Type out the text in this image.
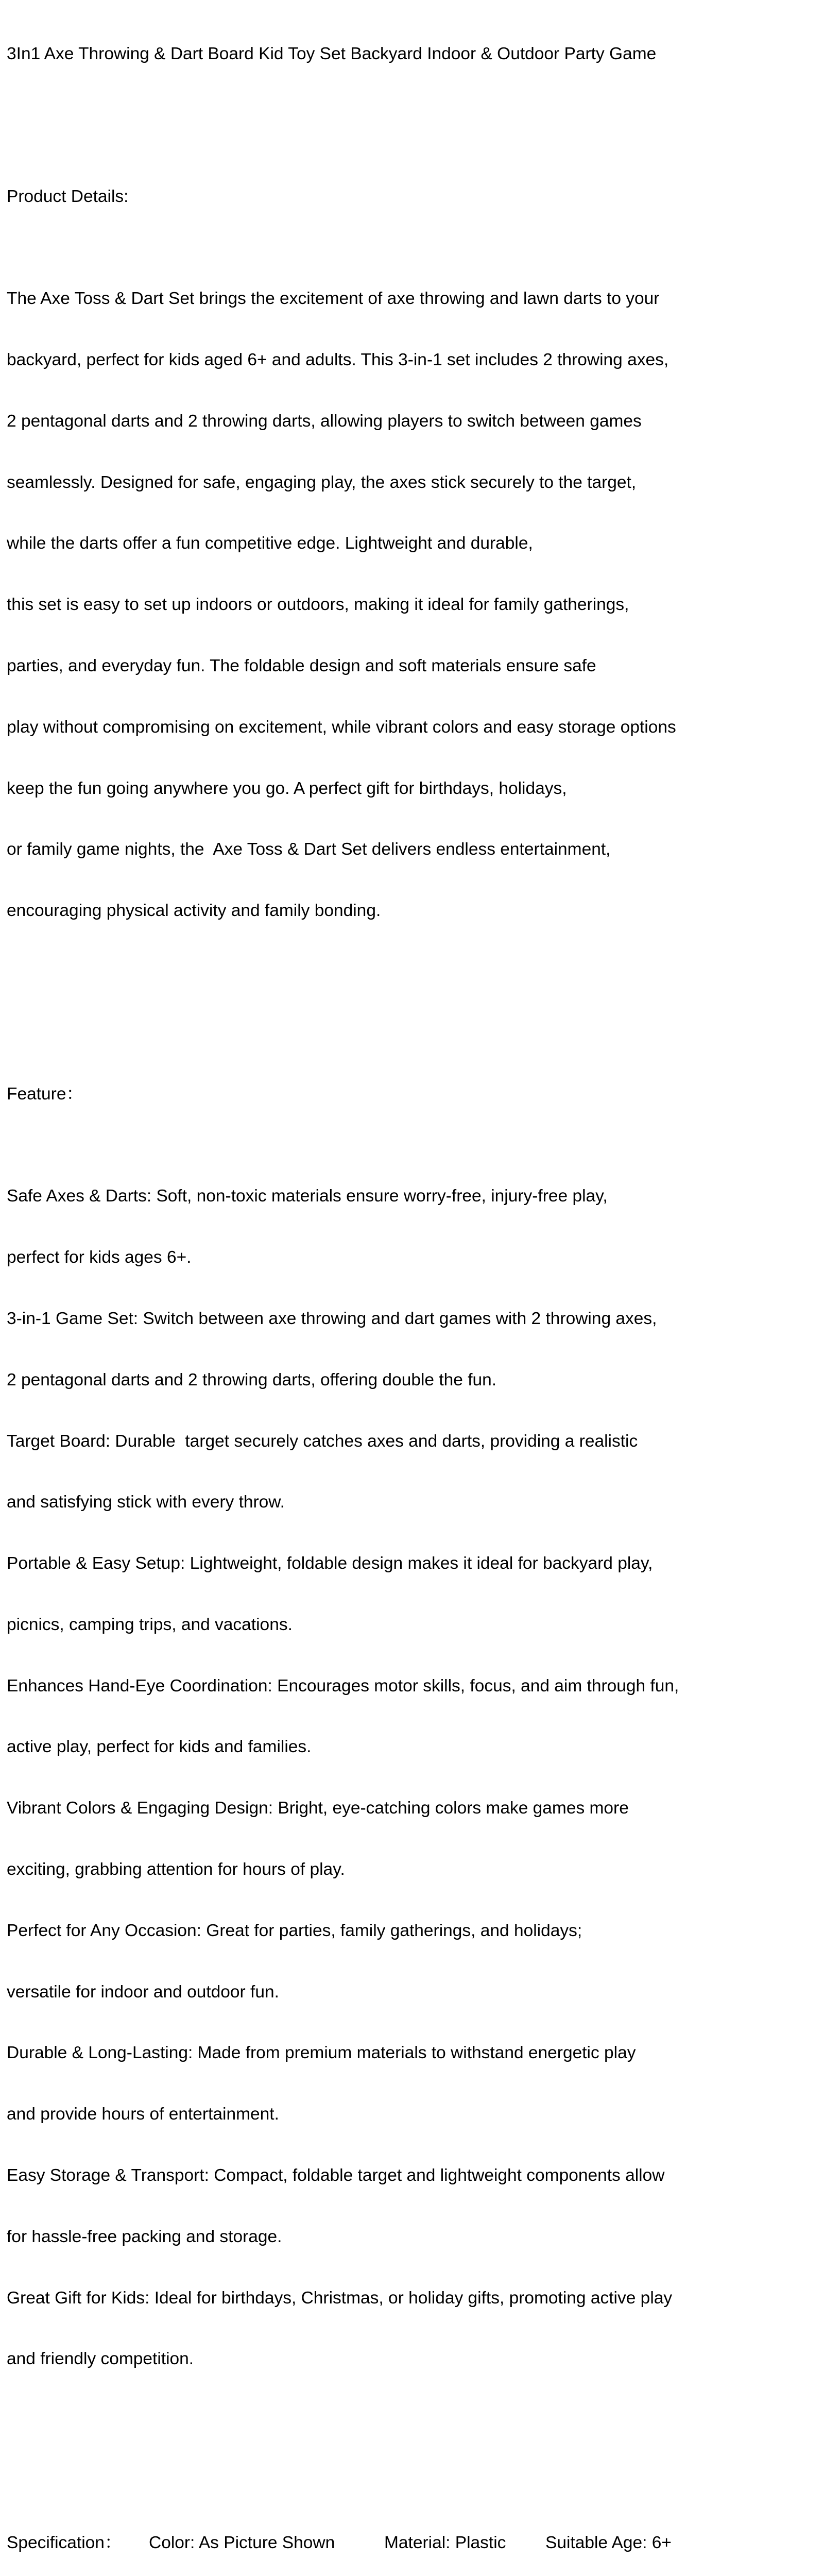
3In1 Axe Throwing & Dart Board Kid Toy Set Backyard Indoor & Outdoor Party Game

Product Details:

The Axe Toss & Dart Set brings the excitement of axe throwing and lawn darts to your

backyard, perfect for kids aged 6+ and adults. This 3-in-1 set includes 2 throwing axes,

2 pentagonal darts and 2 throwing darts, allowing players to switch between games

seamlessly. Designed for safe, engaging play, the axes stick securely to the target,

while the darts offer a fun competitive edge. Lightweight and durable,

this set is easy to set up indoors or outdoors, making it ideal for family gatherings,

parties, and everyday fun. The foldable design and soft materials ensure safe

play without compromising on excitement, while vibrant colors and easy storage options

keep the fun going anywhere you go. A perfect gift for birthdays, holidays,

or family game nights, the  Axe Toss & Dart Set delivers endless entertainment,

encouraging physical activity and family bonding.

Feature：

Safe Axes & Darts: Soft, non-toxic materials ensure worry-free, injury-free play,

perfect for kids ages 6+.

3-in-1 Game Set: Switch between axe throwing and dart games with 2 throwing axes,

2 pentagonal darts and 2 throwing darts, offering double the fun.

Target Board: Durable  target securely catches axes and darts, providing a realistic

and satisfying stick with every throw.

Portable & Easy Setup: Lightweight, foldable design makes it ideal for backyard play,

picnics, camping trips, and vacations.

Enhances Hand-Eye Coordination: Encourages motor skills, focus, and aim through fun,

active play, perfect for kids and families.

Vibrant Colors & Engaging Design: Bright, eye-catching colors make games more

exciting, grabbing attention for hours of play.

Perfect for Any Occasion: Great for parties, family gatherings, and holidays;

versatile for indoor and outdoor fun.

Durable & Long-Lasting: Made from premium materials to withstand energetic play

and provide hours of entertainment.

Easy Storage & Transport: Compact, foldable target and lightweight components allow

for hassle-free packing and storage.

Great Gift for Kids: Ideal for birthdays, Christmas, or holiday gifts, promoting active play

and friendly competition.

Specification： Color: As Picture Shown	Material: Plastic Suitable Age: 6+
